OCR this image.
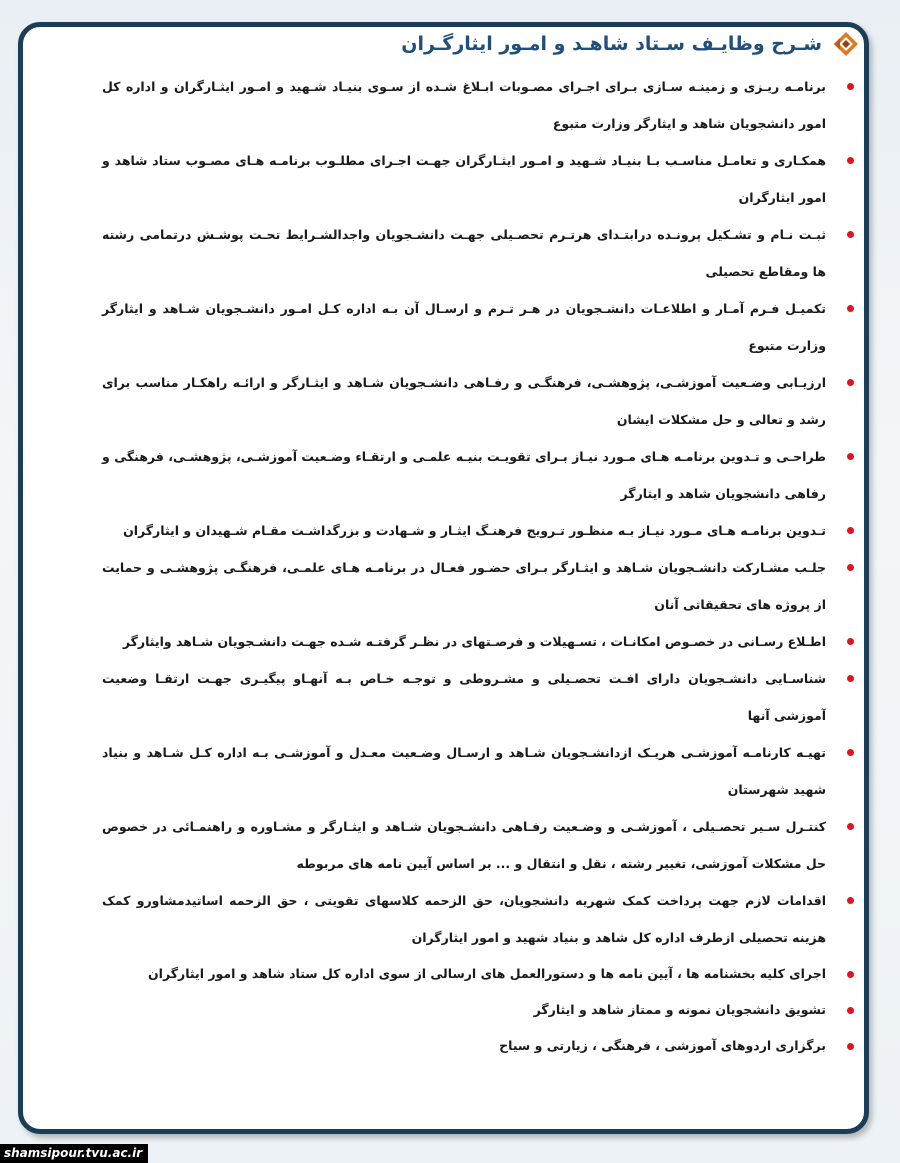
شـرح وظایـف سـتاد شاهـد و امـور ایثارگـران
برنامـه ریـزی و زمینـه سـازی بـرای اجـرای مصـوبات ابـلاغ شـده از سـوی بنیـاد شـهید و امـور ایثـارگران و اداره کل امور دانشجویان شاهد و ایثارگر وزارت متبوع
همکـاری و تعامـل مناسـب بـا بنیـاد شـهید و امـور ایثـارگران جهـت اجـرای مطلـوب برنامـه هـای مصـوب ستاد شاهد و امور ایثارگران
ثبـت نـام و تشـکیل پرونـده درابتـدای هرتـرم تحصـیلی جهـت دانشـجویان واجدالشـرایط تحـت پوشـش درتمامی رشته ها ومقاطع تحصیلی
تکمیـل فـرم آمـار و اطلاعـات دانشـجویان در هـر تـرم و ارسـال آن بـه اداره کـل امـور دانشـجویان شـاهد و ایثارگر وزارت متبوع
ارزیـابی وضـعیت آموزشـی، پژوهشـی، فرهنگـی و رفـاهی دانشـجویان شـاهد و ایثـارگر و ارائـه راهکـار مناسب برای رشد و تعالی و حل مشکلات ایشان
طراحـی و تـدوین برنامـه هـای مـورد نیـاز بـرای تقویـت بنیـه علمـی و ارتقـاء وضـعیت آموزشـی، پژوهشـی، فرهنگی و رفاهی دانشجویان شاهد و ایثارگر
تـدوین برنامـه هـای مـورد نیـاز بـه منظـور تـرویج فرهنـگ ایثـار و شـهادت و بزرگداشـت مقـام شـهیدان و ایثارگران
جلـب مشـارکت دانشـجویان شـاهد و ایثـارگر بـرای حضـور فعـال در برنامـه هـای علمـی، فرهنگـی پژوهشـی و حمایت از پروژه های تحقیقاتی آنان
اطـلاع رسـانی در خصـوص امکانـات ، تسـهیلات و فرصـتهای در نظـر گرفتـه شـده جهـت دانشـجویان شـاهد وایثارگر
شناسـایی دانشـجویان دارای افـت تحصـیلی و مشـروطی و توجـه خـاص بـه آنهـاو پیگیـری جهـت ارتقـا وضعیت آموزشی آنها
تهیـه کارنامـه آموزشـی هریـک ازدانشـجویان شـاهد و ارسـال وضـعیت معـدل و آموزشـی بـه اداره کـل شـاهد و بنیاد شهید شهرستان
کنتـرل سـیر تحصـیلی ، آموزشـی و وضـعیت رفـاهی دانشـجویان شـاهد و ایثـارگر و مشـاوره و راهنمـائی در خصوص حل مشکلات آموزشی، تغییر رشته ، نقل و انتقال و ... بر اساس آیین نامه های مربوطه
اقدامات لازم جهت پرداخت کمک شهریه دانشجویان، حق الزحمه کلاسهای تقویتی ، حق الزحمه اساتیدمشاورو کمک هزینه تحصیلی ازطرف اداره کل شاهد و بنیاد شهید و امور ایثارگران
اجرای کلیه بخشنامه ها ، آیین نامه ها و دستورالعمل های ارسالی از سوی اداره کل ستاد شاهد و امور ایثارگران
تشویق دانشجویان نمونه و ممتاز شاهد و ایثارگر
برگزاری اردوهای آموزشی ، فرهنگی ، زیارتی و سیاح
shamsipour.tvu.ac.ir
